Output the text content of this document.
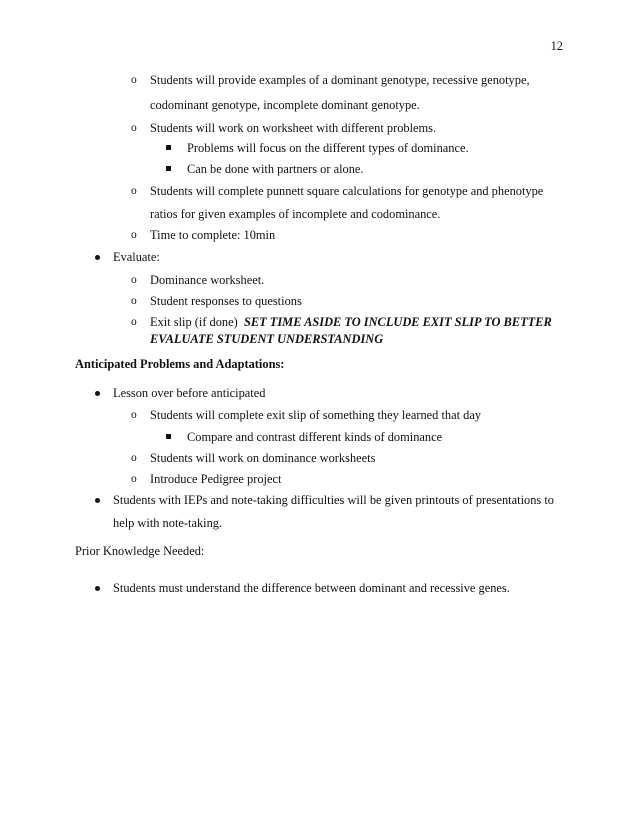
12
o Students will provide examples of a dominant genotype, recessive genotype,
codominant genotype, incomplete dominant genotype.
o Students will work on worksheet with different problems.
Problems will focus on the different types of dominance.
Can be done with partners or alone.
o Students will complete punnett square calculations for genotype and phenotype
ratios for given examples of incomplete and codominance.
o Time to complete: 10min
Evaluate:
o Dominance worksheet.
o Student responses to questions
o Exit slip (if done) SET TIME ASIDE TO INCLUDE EXIT SLIP TO BETTER
EVALUATE STUDENT UNDERSTANDING
Anticipated Problems and Adaptations:
Lesson over before anticipated
o Students will complete exit slip of something they learned that day
Compare and contrast different kinds of dominance
o Students will work on dominance worksheets
o Introduce Pedigree project
Students with IEPs and note-taking difficulties will be given printouts of presentations to
help with note-taking.
Prior Knowledge Needed:
Students must understand the difference between dominant and recessive genes.
